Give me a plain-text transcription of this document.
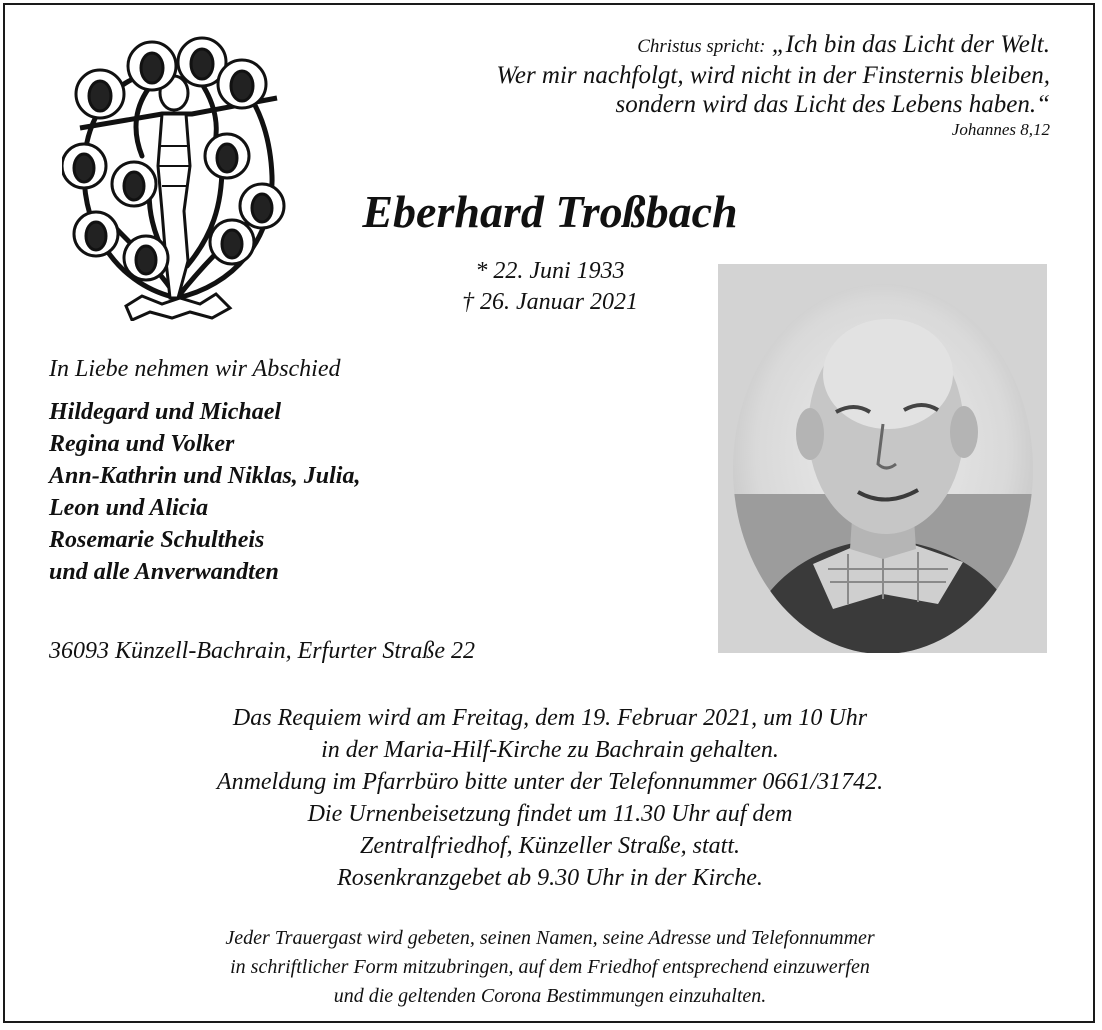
Christus spricht: „Ich bin das Licht der Welt.
Wer mir nachfolgt, wird nicht in der Finsternis bleiben,
sondern wird das Licht des Lebens haben.“
Johannes 8,12
Eberhard Troßbach
* 22. Juni 1933
† 26. Januar 2021
In Liebe nehmen wir Abschied
Hildegard und Michael
Regina und Volker
Ann-Kathrin und Niklas, Julia,
Leon und Alicia
Rosemarie Schultheis
und alle Anverwandten
36093 Künzell-Bachrain, Erfurter Straße 22
Das Requiem wird am Freitag, dem 19. Februar 2021, um 10 Uhr
in der Maria-Hilf-Kirche zu Bachrain gehalten.
Anmeldung im Pfarrbüro bitte unter der Telefonnummer 0661/31742.
Die Urnenbeisetzung findet um 11.30 Uhr auf dem
Zentralfriedhof, Künzeller Straße, statt.
Rosenkranzgebet ab 9.30 Uhr in der Kirche.
Jeder Trauergast wird gebeten, seinen Namen, seine Adresse und Telefonnummer
in schriftlicher Form mitzubringen, auf dem Friedhof entsprechend einzuwerfen
und die geltenden Corona Bestimmungen einzuhalten.
